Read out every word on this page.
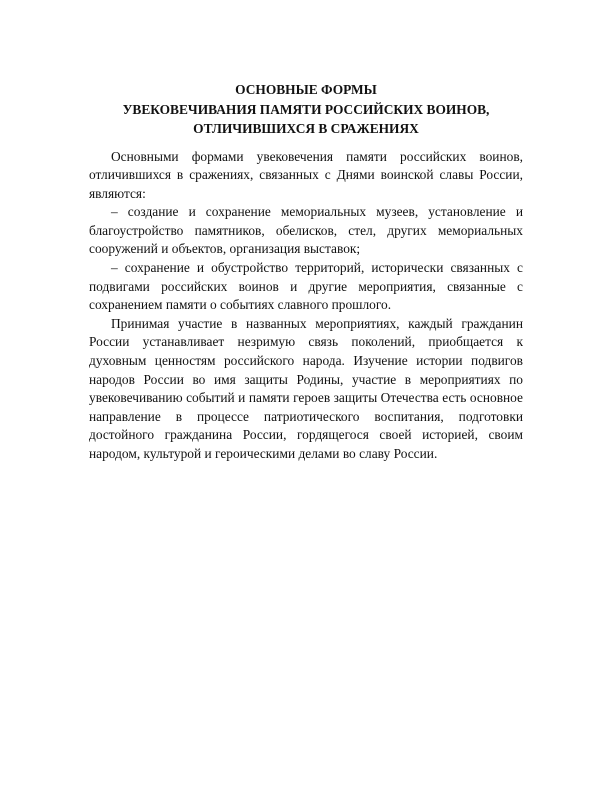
ОСНОВНЫЕ ФОРМЫ
УВЕКОВЕЧИВАНИЯ ПАМЯТИ РОССИЙСКИХ ВОИНОВ,
ОТЛИЧИВШИХСЯ В СРАЖЕНИЯХ

Основными формами увековечения памяти российских воинов, отличившихся в сражениях, связанных с Днями воинской славы России, являются:

– создание и сохранение мемориальных музеев, установление и благоустройство памятников, обелисков, стел, других мемориальных сооружений и объектов, организация выставок;

– сохранение и обустройство территорий, исторически связанных с подвигами российских воинов и другие мероприятия, связанные с сохранением памяти о событиях славного прошлого.

Принимая участие в названных мероприятиях, каждый гражданин России устанавливает незримую связь поколений, приобщается к духовным ценностям российского народа. Изучение истории подвигов народов России во имя защиты Родины, участие в мероприятиях по увековечиванию событий и памяти героев защиты Отечества есть основное направление в процессе патриотического воспитания, подготовки достойного гражданина России, гордящегося своей историей, своим народом, культурой и героическими делами во славу России.
